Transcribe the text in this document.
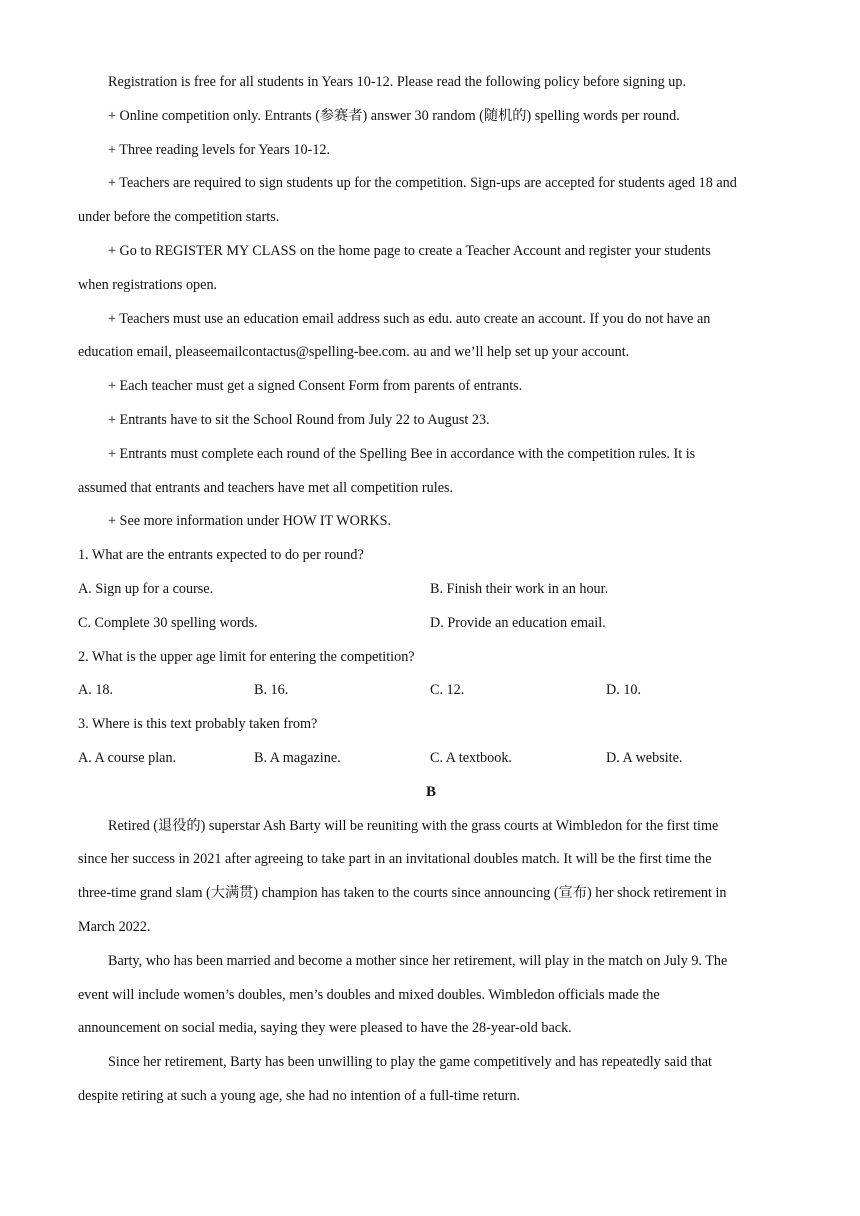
Registration is free for all students in Years 10-12. Please read the following policy before signing up.
+ Online competition only. Entrants (参赛者) answer 30 random (随机的) spelling words per round.
+ Three reading levels for Years 10-12.
+ Teachers are required to sign students up for the competition. Sign-ups are accepted for students aged 18 and
under before the competition starts.
+ Go to REGISTER MY CLASS on the home page to create a Teacher Account and register your students
when registrations open.
+ Teachers must use an education email address such as edu. auto create an account. If you do not have an
education email, pleaseemailcontactus@spelling-bee.com. au and we’ll help set up your account.
+ Each teacher must get a signed Consent Form from parents of entrants.
+ Entrants have to sit the School Round from July 22 to August 23.
+ Entrants must complete each round of the Spelling Bee in accordance with the competition rules. It is
assumed that entrants and teachers have met all competition rules.
+ See more information under HOW IT WORKS.
1. What are the entrants expected to do per round?
A. Sign up for a course.	B. Finish their work in an hour.
C. Complete 30 spelling words.	D. Provide an education email.
2. What is the upper age limit for entering the competition?
A. 18.	B. 16.	C. 12.	D. 10.
3. Where is this text probably taken from?
A. A course plan.	B. A magazine.	C. A textbook.	D. A website.
B
Retired (退役的) superstar Ash Barty will be reuniting with the grass courts at Wimbledon for the first time
since her success in 2021 after agreeing to take part in an invitational doubles match. It will be the first time the
three-time grand slam (大满贯) champion has taken to the courts since announcing (宣布) her shock retirement in
March 2022.
Barty, who has been married and become a mother since her retirement, will play in the match on July 9. The
event will include women’s doubles, men’s doubles and mixed doubles. Wimbledon officials made the
announcement on social media, saying they were pleased to have the 28-year-old back.
Since her retirement, Barty has been unwilling to play the game competitively and has repeatedly said that
despite retiring at such a young age, she had no intention of a full-time return.
